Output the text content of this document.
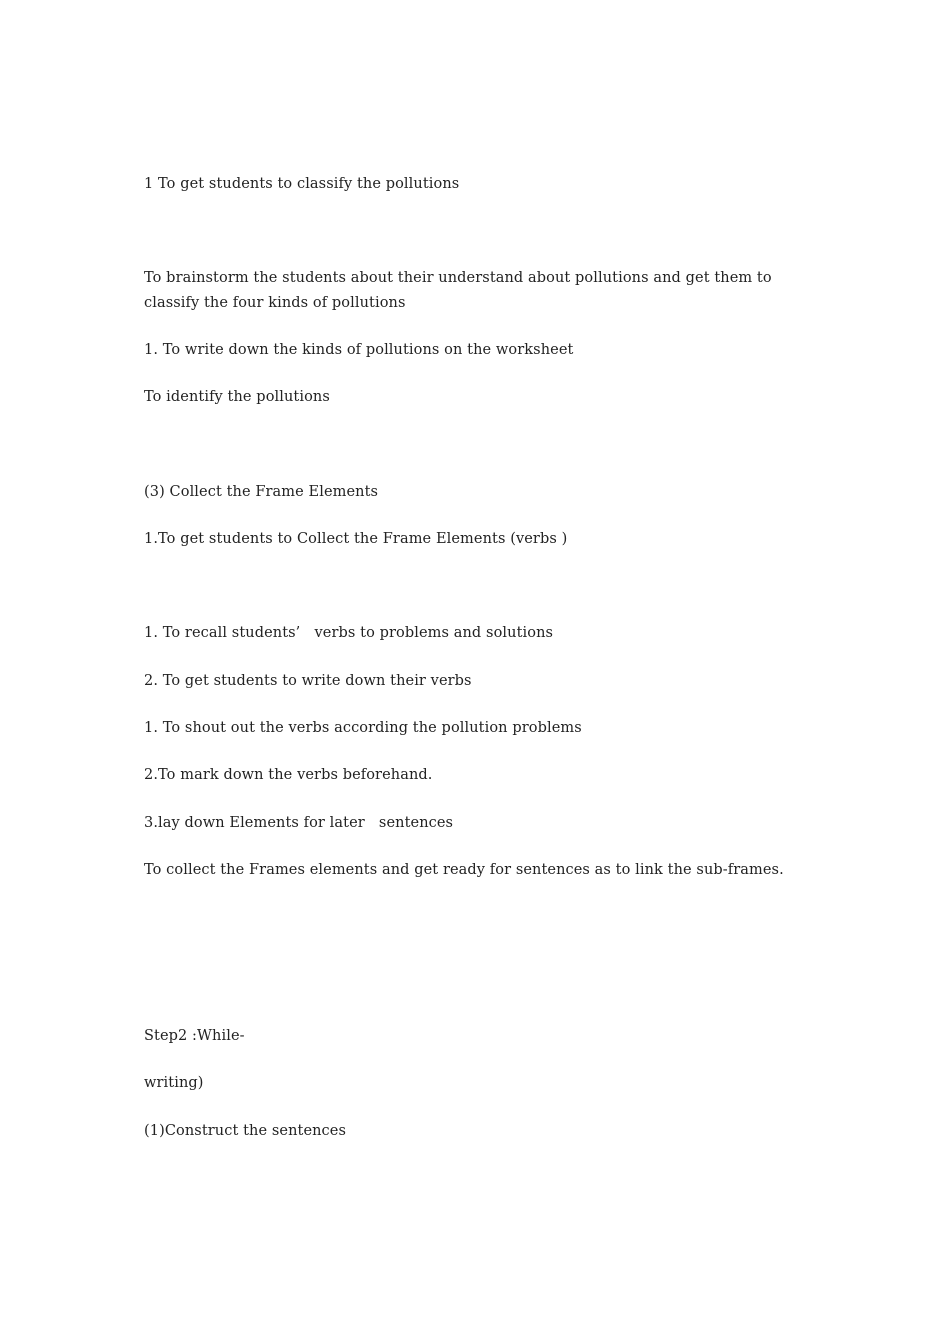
1 To get students to classify the pollutions

To brainstorm the students about their understand about pollutions and get them to classify the four kinds of pollutions

1. To write down the kinds of pollutions on the worksheet

To identify the pollutions

(3) Collect the Frame Elements

1.To get students to Collect the Frame Elements (verbs )

1. To recall students’   verbs to problems and solutions

2. To get students to write down their verbs

1. To shout out the verbs according the pollution problems

2.To mark down the verbs beforehand.

3.lay down Elements for later   sentences

To collect the Frames elements and get ready for sentences as to link the sub-frames.

Step2 :While-

writing)

(1)Construct the sentences
